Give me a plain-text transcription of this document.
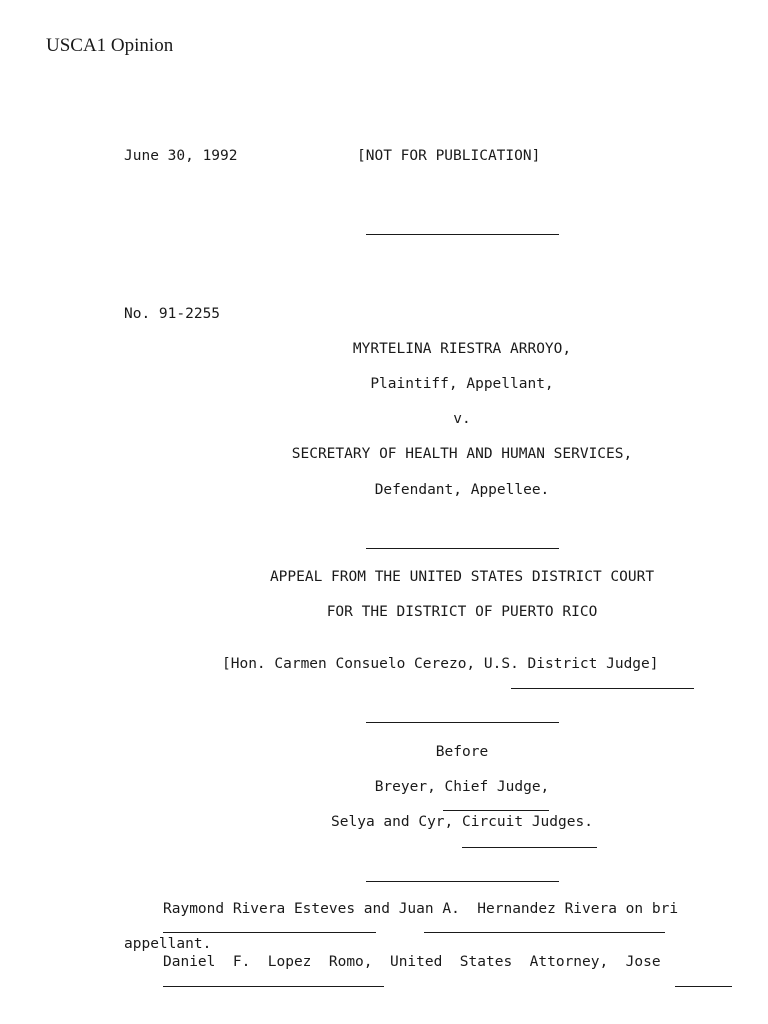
USCA1 Opinion
June 30, 1992	[NOT FOR PUBLICATION]
No. 91-2255
MYRTELINA RIESTRA ARROYO,
Plaintiff, Appellant,
v.
SECRETARY OF HEALTH AND HUMAN SERVICES,
Defendant, Appellee.
APPEAL FROM THE UNITED STATES DISTRICT COURT
FOR THE DISTRICT OF PUERTO RICO
[Hon. Carmen Consuelo Cerezo, U.S. District Judge]
Before
Breyer, Chief Judge,
Selya and Cyr, Circuit Judges.
Raymond Rivera Esteves and Juan A.  Hernandez Rivera on bri
appellant.
Daniel  F.  Lopez  Romo,  United  States  Attorney,  Jose
